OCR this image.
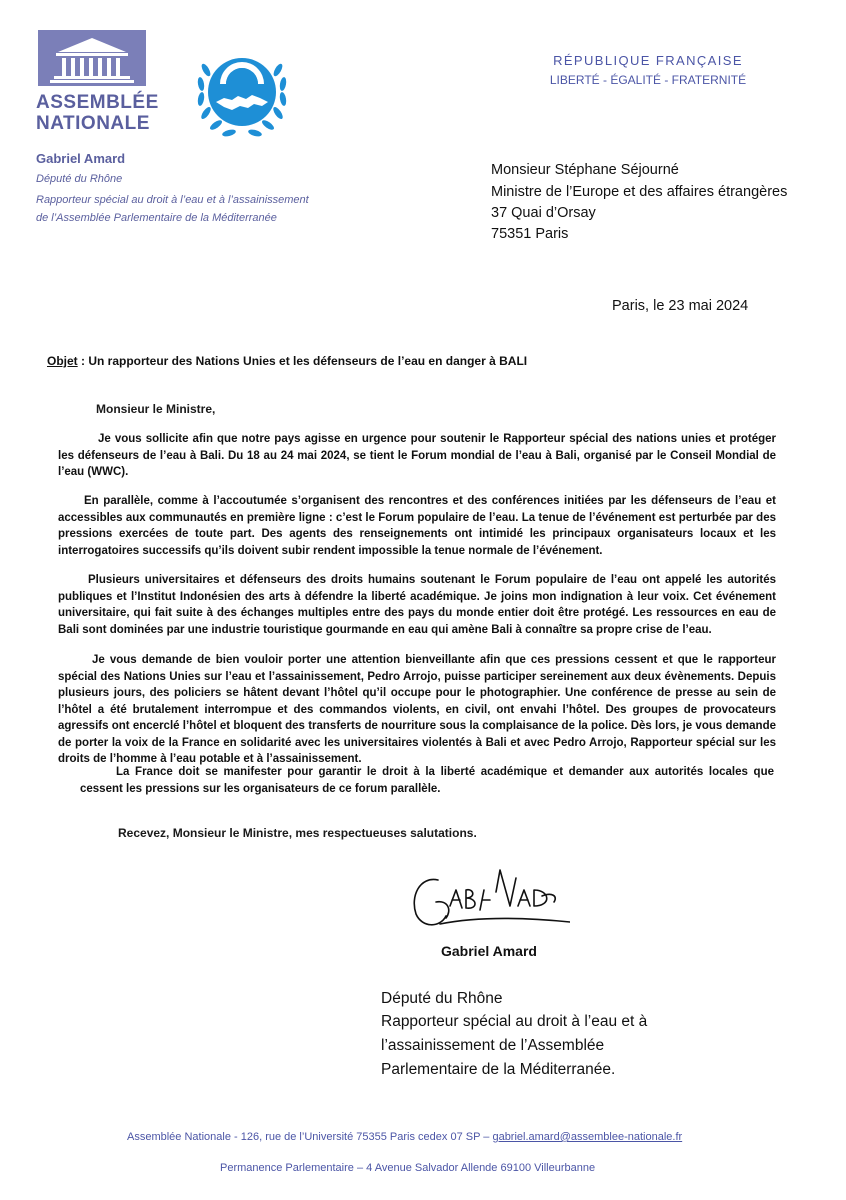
ASSEMBLÉE
NATIONALE
Gabriel Amard
Député du Rhône
Rapporteur spécial au droit à l’eau et à l’assainissement
de l’Assemblée Parlementaire de la Méditerranée
RÉPUBLIQUE FRANÇAISE
LIBERTÉ - ÉGALITÉ - FRATERNITÉ
Monsieur Stéphane Séjourné
Ministre de l’Europe et des affaires étrangères
37 Quai d’Orsay
75351 Paris
Paris, le 23 mai 2024
Objet : Un rapporteur des Nations Unies et les défenseurs de l’eau en danger à BALI
Monsieur le Ministre,
Je vous sollicite afin que notre pays agisse en urgence pour soutenir le Rapporteur spécial des nations unies et protéger les défenseurs de l’eau à Bali. Du 18 au 24 mai 2024, se tient le Forum mondial de l’eau à Bali, organisé par le Conseil Mondial de l’eau (WWC).
En parallèle, comme à l’accoutumée s’organisent des rencontres et des conférences initiées par les défenseurs de l’eau et accessibles aux communautés en première ligne : c’est le Forum populaire de l’eau. La tenue de l’événement est perturbée par des pressions exercées de toute part. Des agents des renseignements ont intimidé les principaux organisateurs locaux et les interrogatoires successifs qu’ils doivent subir rendent impossible la tenue normale de l’événement.
Plusieurs universitaires et défenseurs des droits humains soutenant le Forum populaire de l’eau ont appelé les autorités publiques et l’Institut Indonésien des arts à défendre la liberté académique. Je joins mon indignation à leur voix. Cet événement universitaire, qui fait suite à des échanges multiples entre des pays du monde entier doit être protégé. Les ressources en eau de Bali sont dominées par une industrie touristique gourmande en eau qui amène Bali à connaître sa propre crise de l’eau.
Je vous demande de bien vouloir porter une attention bienveillante afin que ces pressions cessent et que le rapporteur spécial des Nations Unies sur l’eau et l’assainissement, Pedro Arrojo, puisse participer sereinement aux deux évènements. Depuis plusieurs jours, des policiers se hâtent devant l’hôtel qu’il occupe pour le photographier. Une conférence de presse au sein de l’hôtel a été brutalement interrompue et des commandos violents, en civil, ont envahi l’hôtel. Des groupes de provocateurs agressifs ont encerclé l’hôtel et bloquent des transferts de nourriture sous la complaisance de la police. Dès lors, je vous demande de porter la voix de la France en solidarité avec les universitaires violentés à Bali et avec Pedro Arrojo, Rapporteur spécial sur les droits de l’homme à l’eau potable et à l’assainissement.
La France doit se manifester pour garantir le droit à la liberté académique et demander aux autorités locales que cessent les pressions sur les organisateurs de ce forum parallèle.
Recevez, Monsieur le Ministre, mes respectueuses salutations.
Gabriel Amard
Député du Rhône
Rapporteur spécial au droit à l’eau et à
l’assainissement de l’Assemblée
Parlementaire de la Méditerranée.
Assemblée Nationale - 126, rue de l’Université 75355 Paris cedex 07 SP – gabriel.amard@assemblee-nationale.fr
Permanence Parlementaire – 4 Avenue Salvador Allende 69100 Villeurbanne
